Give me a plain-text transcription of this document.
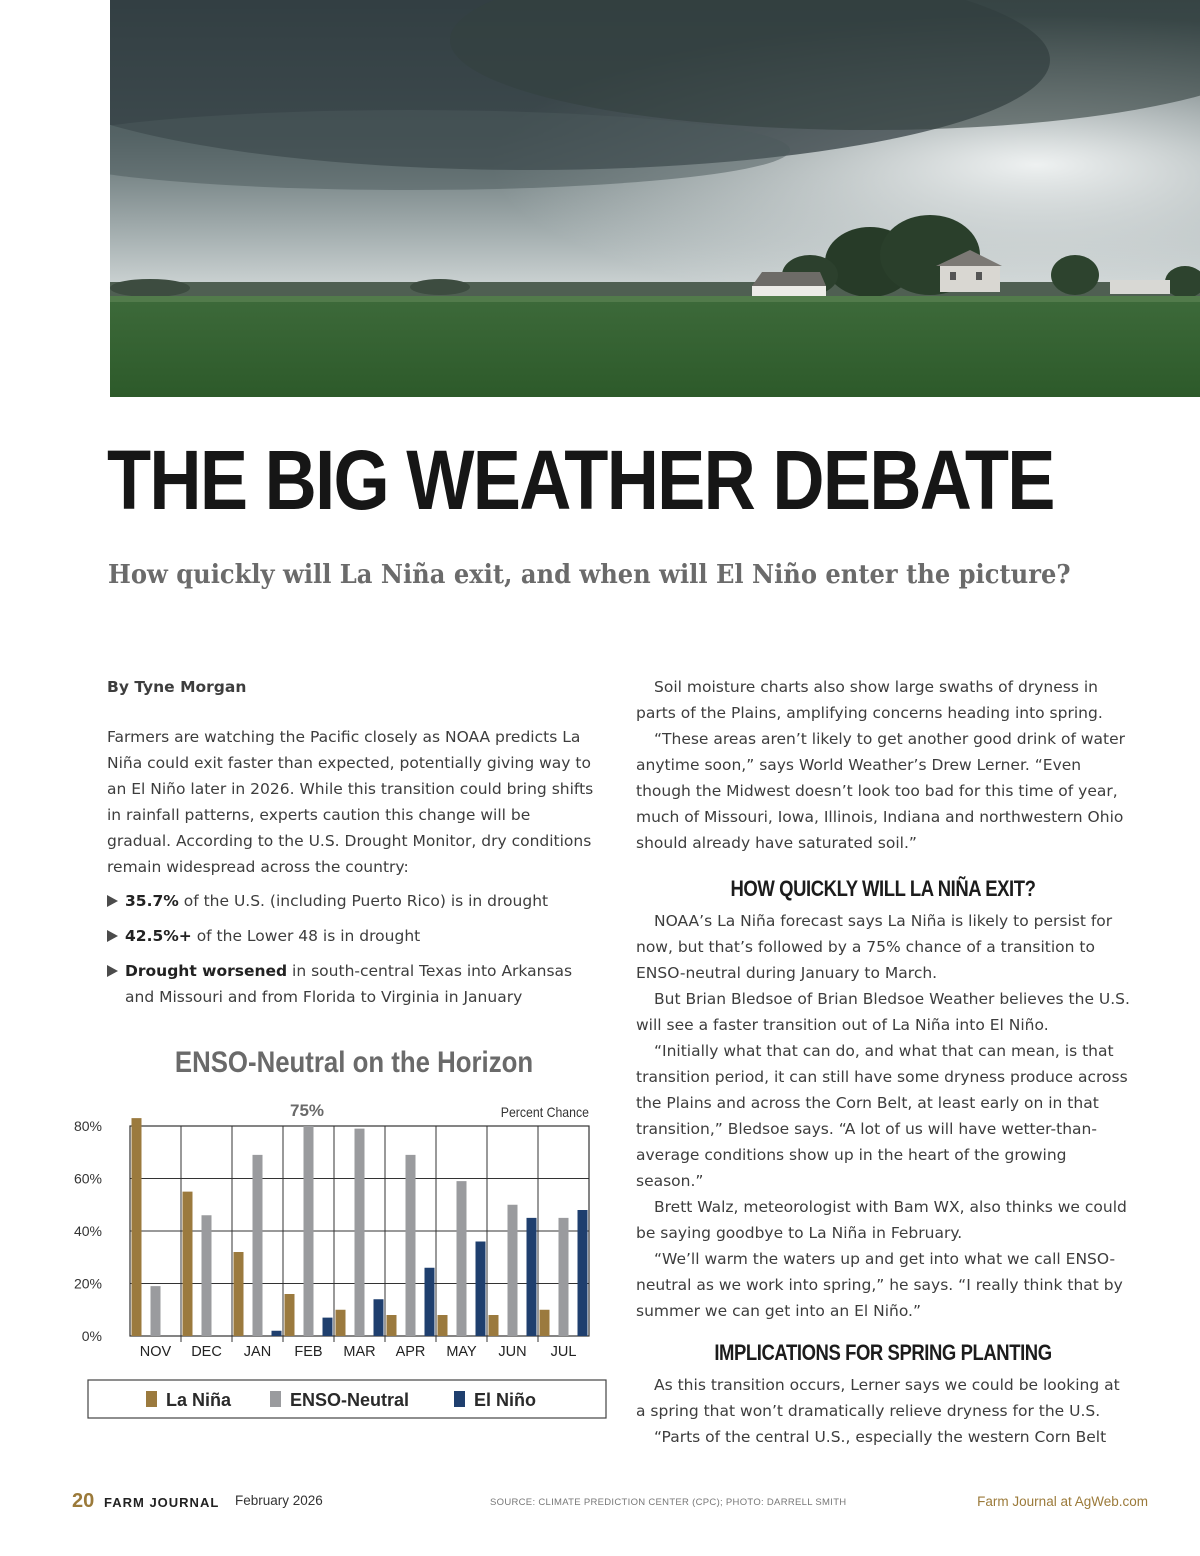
THE BIG WEATHER DEBATE
How quickly will La Niña exit, and when will El Niño enter the picture?

By Tyne Morgan

Farmers are watching the Pacific closely as NOAA predicts La Niña could exit faster than expected, potentially giving way to an El Niño later in 2026. While this transition could bring shifts in rainfall patterns, experts caution this change will be gradual. According to the U.S. Drought Monitor, dry conditions remain widespread across the country:

35.7% of the U.S. (including Puerto Rico) is in drought
42.5%+ of the Lower 48 is in drought
Drought worsened in south-central Texas into Arkansas and Missouri and from Florida to Virginia in January
ENSO-Neutral on the Horizon
75%	Percent Chance
0%
20%
40%
60%
80%
NOV DEC JAN FEB MAR APR MAY JUN JUL
La Niña	ENSO-Neutral	El Niño

Soil moisture charts also show large swaths of dryness in parts of the Plains, amplifying concerns heading into spring.

“These areas aren’t likely to get another good drink of water anytime soon,” says World Weather’s Drew Lerner. “Even though the Midwest doesn’t look too bad for this time of year, much of Missouri, Iowa, Illinois, Indiana and northwestern Ohio should already have saturated soil.”

HOW QUICKLY WILL LA NIÑA EXIT?

NOAA’s La Niña forecast says La Niña is likely to persist for now, but that’s followed by a 75% chance of a transition to ENSO-neutral during January to March.

But Brian Bledsoe of Brian Bledsoe Weather believes the U.S. will see a faster transition out of La Niña into El Niño.

“Initially what that can do, and what that can mean, is that transition period, it can still have some dryness produce across the Plains and across the Corn Belt, at least early on in that transition,” Bledsoe says. “A lot of us will have wetter-than-average conditions show up in the heart of the growing season.”

Brett Walz, meteorologist with Bam WX, also thinks we could be saying goodbye to La Niña in February.

“We’ll warm the waters up and get into what we call ENSO-neutral as we work into spring,” he says. “I really think that by summer we can get into an El Niño.”

IMPLICATIONS FOR SPRING PLANTING

As this transition occurs, Lerner says we could be looking at a spring that won’t dramatically relieve dryness for the U.S.

“Parts of the central U.S., especially the western Corn Belt

20 FARM JOURNAL February 2026	SOURCE: CLIMATE PREDICTION CENTER (CPC); PHOTO: DARRELL SMITH	Farm Journal at AgWeb.com
